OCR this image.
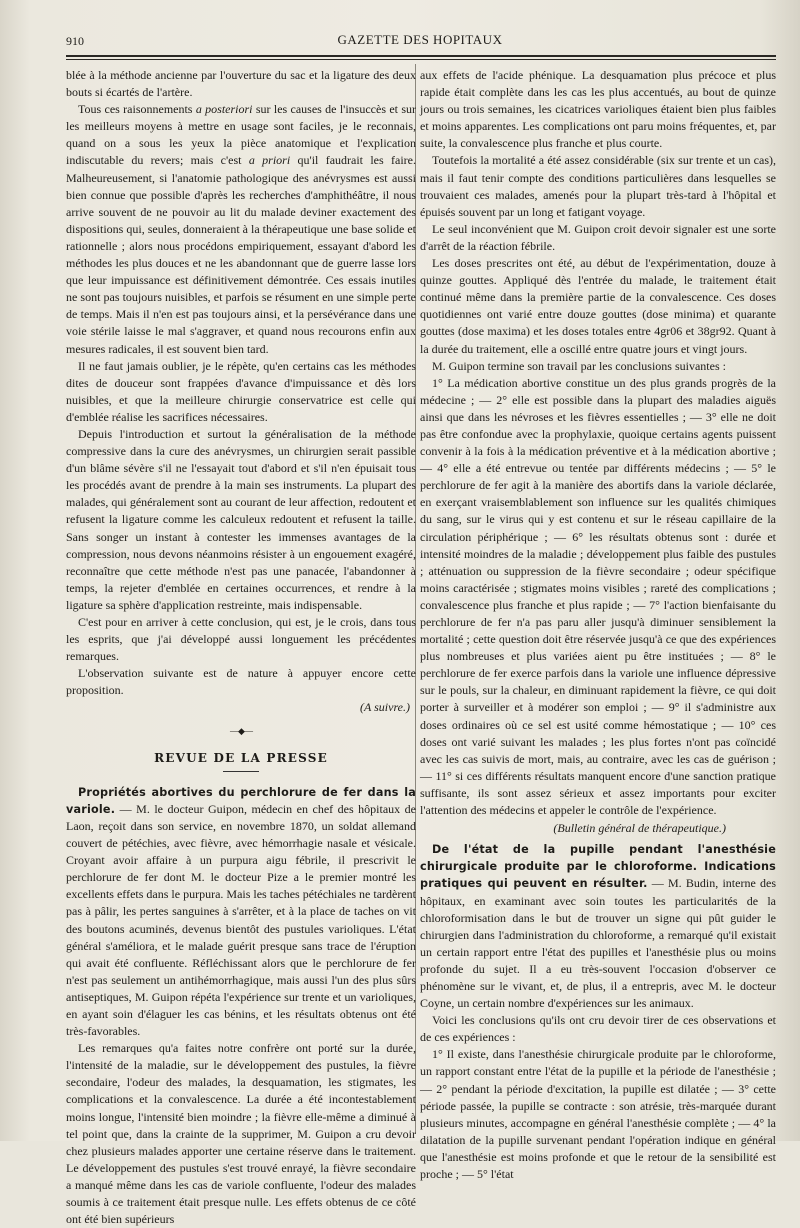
910	GAZETTE DES HOPITAUX

blée à la méthode ancienne par l'ouverture du sac et la ligature des deux bouts si écartés de l'artère.

Tous ces raisonnements a posteriori sur les causes de l'insuccès et sur les meilleurs moyens à mettre en usage sont faciles, je le reconnais, quand on a sous les yeux la pièce anatomique et l'explication indiscutable du revers; mais c'est a priori qu'il faudrait les faire. Malheureusement, si l'anatomie pathologique des anévrysmes est aussi bien connue que possible d'après les recherches d'amphithéâtre, il nous arrive souvent de ne pouvoir au lit du malade deviner exactement des dispositions qui, seules, donneraient à la thérapeutique une base solide et rationnelle ; alors nous procédons empiriquement, essayant d'abord les méthodes les plus douces et ne les abandonnant que de guerre lasse lors que leur impuissance est définitivement démontrée. Ces essais inutiles ne sont pas toujours nuisibles, et parfois se résument en une simple perte de temps. Mais il n'en est pas toujours ainsi, et la persévérance dans une voie stérile laisse le mal s'aggraver, et quand nous recourons enfin aux mesures radicales, il est souvent bien tard.

Il ne faut jamais oublier, je le répète, qu'en certains cas les méthodes dites de douceur sont frappées d'avance d'impuissance et dès lors nuisibles, et que la meilleure chirurgie conservatrice est celle qui d'emblée réalise les sacrifices nécessaires.

Depuis l'introduction et surtout la généralisation de la méthode compressive dans la cure des anévrysmes, un chirurgien serait passible d'un blâme sévère s'il ne l'essayait tout d'abord et s'il n'en épuisait tous les procédés avant de prendre à la main ses instruments. La plupart des malades, qui généralement sont au courant de leur affection, redoutent et refusent la ligature comme les calculeux redoutent et refusent la taille. Sans songer un instant à contester les immenses avantages de la compression, nous devons néanmoins résister à un engouement exagéré, reconnaître que cette méthode n'est pas une panacée, l'abandonner à temps, la rejeter d'emblée en certaines occurrences, et rendre à la ligature sa sphère d'application restreinte, mais indispensable.

C'est pour en arriver à cette conclusion, qui est, je le crois, dans tous les esprits, que j'ai développé aussi longuement les précédentes remarques.

L'observation suivante est de nature à appuyer encore cette proposition.

(A suivre.)
—◆—
REVUE DE LA PRESSE

Propriétés abortives du perchlorure de fer dans la variole. — M. le docteur Guipon, médecin en chef des hôpitaux de Laon, reçoit dans son service, en novembre 1870, un soldat allemand couvert de pétéchies, avec fièvre, avec hémorrhagie nasale et vésicale. Croyant avoir affaire à un purpura aigu fébrile, il prescrivit le perchlorure de fer dont M. le docteur Pize a le premier montré les excellents effets dans le purpura. Mais les taches pétéchiales ne tardèrent pas à pâlir, les pertes sanguines à s'arrêter, et à la place de taches on vit des boutons acuminés, devenus bientôt des pustules varioliques. L'état général s'améliora, et le malade guérit presque sans trace de l'éruption qui avait été confluente. Réfléchissant alors que le perchlorure de fer n'est pas seulement un antihémorrhagique, mais aussi l'un des plus sûrs antiseptiques, M. Guipon répéta l'expérience sur trente et un varioliques, en ayant soin d'élaguer les cas bénins, et les résultats obtenus ont été très-favorables.

Les remarques qu'a faites notre confrère ont porté sur la durée, l'intensité de la maladie, sur le développement des pustules, la fièvre secondaire, l'odeur des malades, la desquamation, les stigmates, les complications et la convalescence. La durée a été incontestablement moins longue, l'intensité bien moindre ; la fièvre elle-même a diminué à tel point que, dans la crainte de la supprimer, M. Guipon a cru devoir chez plusieurs malades apporter une certaine réserve dans le traitement. Le développement des pustules s'est trouvé enrayé, la fièvre secondaire a manqué même dans les cas de variole confluente, l'odeur des malades soumis à ce traitement était presque nulle. Les effets obtenus de ce côté ont été bien supérieurs

aux effets de l'acide phénique. La desquamation plus précoce et plus rapide était complète dans les cas les plus accentués, au bout de quinze jours ou trois semaines, les cicatrices varioliques étaient bien plus faibles et moins apparentes. Les complications ont paru moins fréquentes, et, par suite, la convalescence plus franche et plus courte.

Toutefois la mortalité a été assez considérable (six sur trente et un cas), mais il faut tenir compte des conditions particulières dans lesquelles se trouvaient ces malades, amenés pour la plupart très-tard à l'hôpital et épuisés souvent par un long et fatigant voyage.

Le seul inconvénient que M. Guipon croit devoir signaler est une sorte d'arrêt de la réaction fébrile.

Les doses prescrites ont été, au début de l'expérimentation, douze à quinze gouttes. Appliqué dès l'entrée du malade, le traitement était continué même dans la première partie de la convalescence. Ces doses quotidiennes ont varié entre douze gouttes (dose minima) et quarante gouttes (dose maxima) et les doses totales entre 4gr06 et 38gr92. Quant à la durée du traitement, elle a oscillé entre quatre jours et vingt jours.

M. Guipon termine son travail par les conclusions suivantes :

1° La médication abortive constitue un des plus grands progrès de la médecine ; — 2° elle est possible dans la plupart des maladies aiguës ainsi que dans les névroses et les fièvres essentielles ; — 3° elle ne doit pas être confondue avec la prophylaxie, quoique certains agents puissent convenir à la fois à la médication préventive et à la médication abortive ; — 4° elle a été entrevue ou tentée par différents médecins ; — 5° le perchlorure de fer agit à la manière des abortifs dans la variole déclarée, en exerçant vraisemblablement son influence sur les qualités chimiques du sang, sur le virus qui y est contenu et sur le réseau capillaire de la circulation périphérique ; — 6° les résultats obtenus sont : durée et intensité moindres de la maladie ; développement plus faible des pustules ; atténuation ou suppression de la fièvre secondaire ; odeur spécifique moins caractérisée ; stigmates moins visibles ; rareté des complications ; convalescence plus franche et plus rapide ; — 7° l'action bienfaisante du perchlorure de fer n'a pas paru aller jusqu'à diminuer sensiblement la mortalité ; cette question doit être réservée jusqu'à ce que des expériences plus nombreuses et plus variées aient pu être instituées ; — 8° le perchlorure de fer exerce parfois dans la variole une influence dépressive sur le pouls, sur la chaleur, en diminuant rapidement la fièvre, ce qui doit porter à surveiller et à modérer son emploi ; — 9° il s'administre aux doses ordinaires où ce sel est usité comme hémostatique ; — 10° ces doses ont varié suivant les malades ; les plus fortes n'ont pas coïncidé avec les cas suivis de mort, mais, au contraire, avec les cas de guérison ; — 11° si ces différents résultats manquent encore d'une sanction pratique suffisante, ils sont assez sérieux et assez importants pour exciter l'attention des médecins et appeler le contrôle de l'expérience.

(Bulletin général de thérapeutique.)

De l'état de la pupille pendant l'anesthésie chirurgicale produite par le chloroforme. Indications pratiques qui peuvent en résulter. — M. Budin, interne des hôpitaux, en examinant avec soin toutes les particularités de la chloroformisation dans le but de trouver un signe qui pût guider le chirurgien dans l'administration du chloroforme, a remarqué qu'il existait un certain rapport entre l'état des pupilles et l'anesthésie plus ou moins profonde du sujet. Il a eu très-souvent l'occasion d'observer ce phénomène sur le vivant, et, de plus, il a entrepris, avec M. le docteur Coyne, un certain nombre d'expériences sur les animaux.

Voici les conclusions qu'ils ont cru devoir tirer de ces observations et de ces expériences :

1° Il existe, dans l'anesthésie chirurgicale produite par le chloroforme, un rapport constant entre l'état de la pupille et la période de l'anesthésie ; — 2° pendant la période d'excitation, la pupille est dilatée ; — 3° cette période passée, la pupille se contracte : son atrésie, très-marquée durant plusieurs minutes, accompagne en général l'anesthésie complète ; — 4° la dilatation de la pupille survenant pendant l'opération indique en général que l'anesthésie est moins profonde et que le retour de la sensibilité est proche ; — 5° l'état
